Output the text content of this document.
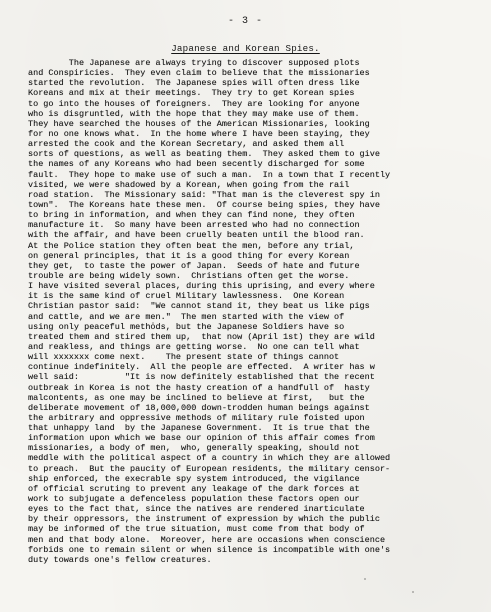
- 3 -
Japanese and Korean Spies.
The Japanese are always trying to discover supposed plots
and Conspiricies.  They even claim to believe that the missionaries
started the revolution.  The Japanese spies will often dress like
Koreans and mix at their meetings.  They try to get Korean spies
to go into the houses of foreigners.  They are looking for anyone
who is disgruntled, with the hope that they may make use of them.
They have searched the houses of the American Missionaries, looking
for no one knows what.  In the home where I have been staying, they
arrested the cook and the Korean Secretary, and asked them all
sorts of questions, as well as beating them.  They asked them to give
the names of any Koreans who had been secently discharged for some
fault.  They hope to make use of such a man.  In a town that I recently
visited, we were shadowed by a Korean, when going from the rail
road station.  The Missionary said: "That man is the cleverest spy in
town".  The Koreans hate these men.  Of course being spies, they have
to bring in information, and when they can find none, they often
manufacture it.  So many have been arrested who had no connection
with the affair, and have been cruelly beaten until the blood ran.
At the Police station they often beat the men, before any trial,
on general principles, that it is a good thing for every Korean
they get,  to taste the power of Japan.  Seeds of hate and future
trouble are being widely sown.  Christians often get the worse.
I have visited several places, during this uprising, and every where
it is the same kind of cruel Military lawlessness.  One Korean
Christian pastor said:  "We cannot stand it, they beat us like pigs
and cattle, and we are men."  The men started with the view of
using only peaceful methods, but the Japanese Soldiers have so
treated them and stired them up,  that now (April 1st) they are wild
and reakless, and things are getting worse.  No one can tell what
will xxxxxxx come next.    The present state of things cannot
continue indefinitely.  All the people are effected.  A writer has w
well said:         "It is now definitely established that the recent
outbreak in Korea is not the hasty creation of a handfull of  hasty
malcontents, as one may be inclined to believe at first,   but the
deliberate movement of 18,000,000 down-trodden human beings against
the arbitrary and oppressive methods of military rule foisted upon
that unhappy land  by the Japanese Government.  It is true that the
information upon which we base our opinion of this affair comes from
missionaries, a body of men,  who, generally speaking, should not
meddle with the political aspect of a country in which they are allowed
to preach.  But the paucity of European residents, the military censor-
ship enforced, the execrable spy system introduced, the vigilance
of official scruting to prevent any leakage of the dark forces at
work to subjugate a defenceless population these factors open our
eyes to the fact that, since the natives are rendered inarticulate
by their oppressors, the instrument of expression by which the public
may be informed of the true situation, must come from that body of
men and that body alone.  Moreover, here are occasions when conscience
forbids one to remain silent or when silence is incompatible with one's
duty towards one's fellow creatures.
